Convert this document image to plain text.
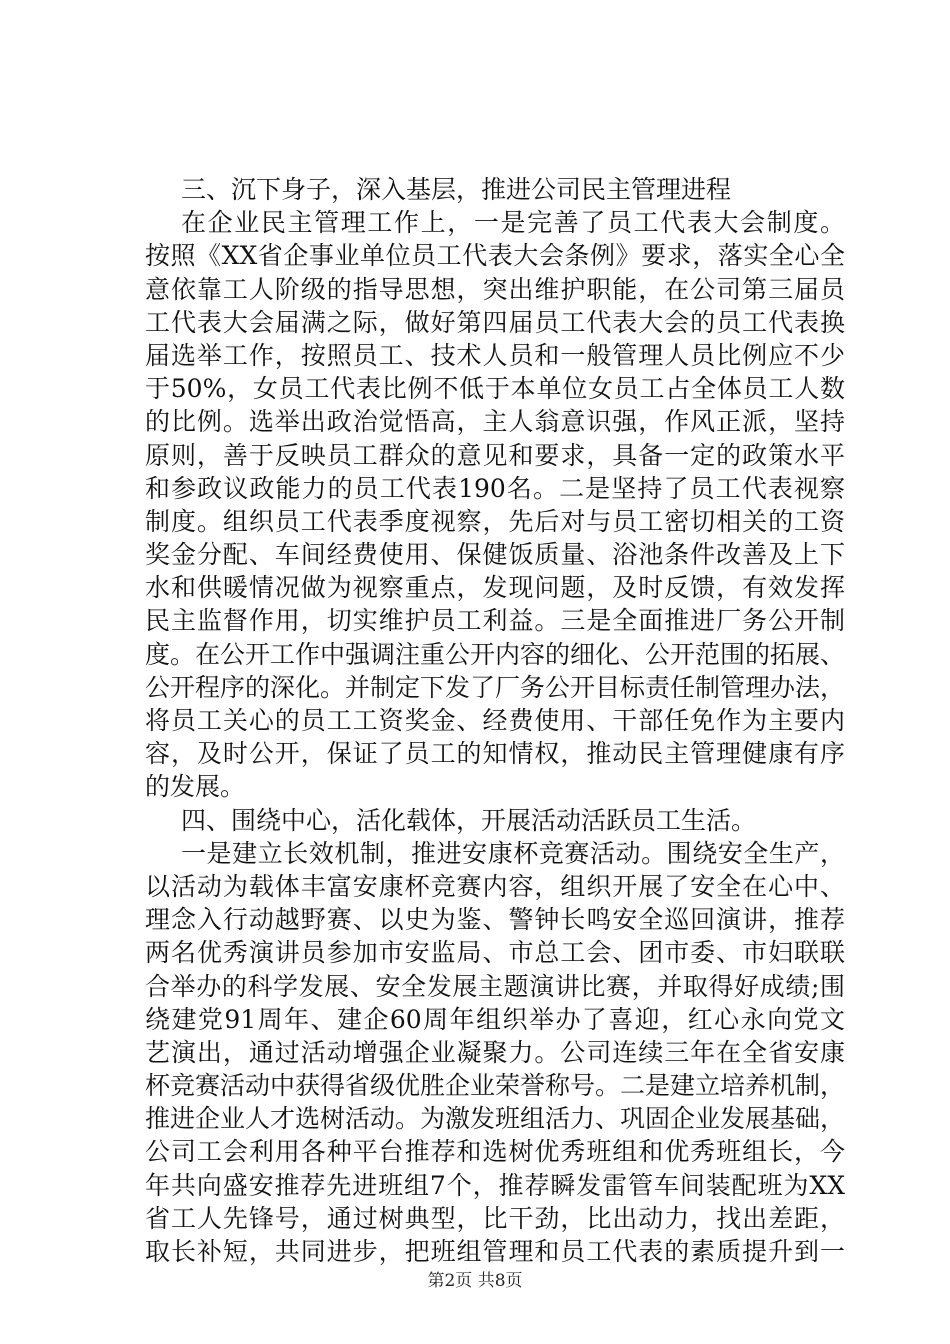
三、沉下身子，深入基层，推进公司民主管理进程
在企业民主管理工作上，一是完善了员工代表大会制度。
按照《XX省企事业单位员工代表大会条例》要求，落实全心全
意依靠工人阶级的指导思想，突出维护职能，在公司第三届员
工代表大会届满之际，做好第四届员工代表大会的员工代表换
届选举工作，按照员工、技术人员和一般管理人员比例应不少
于50%，女员工代表比例不低于本单位女员工占全体员工人数
的比例。选举出政治觉悟高，主人翁意识强，作风正派，坚持
原则，善于反映员工群众的意见和要求，具备一定的政策水平
和参政议政能力的员工代表190名。二是坚持了员工代表视察
制度。组织员工代表季度视察，先后对与员工密切相关的工资
奖金分配、车间经费使用、保健饭质量、浴池条件改善及上下
水和供暖情况做为视察重点，发现问题，及时反馈，有效发挥
民主监督作用，切实维护员工利益。三是全面推进厂务公开制
度。在公开工作中强调注重公开内容的细化、公开范围的拓展、
公开程序的深化。并制定下发了厂务公开目标责任制管理办法，
将员工关心的员工工资奖金、经费使用、干部任免作为主要内
容，及时公开，保证了员工的知情权，推动民主管理健康有序
的发展。
四、围绕中心，活化载体，开展活动活跃员工生活。
一是建立长效机制，推进安康杯竞赛活动。围绕安全生产，
以活动为载体丰富安康杯竞赛内容，组织开展了安全在心中、
理念入行动越野赛、以史为鉴、警钟长鸣安全巡回演讲，推荐
两名优秀演讲员参加市安监局、市总工会、团市委、市妇联联
合举办的科学发展、安全发展主题演讲比赛，并取得好成绩;围
绕建党91周年、建企60周年组织举办了喜迎，红心永向党文
艺演出，通过活动增强企业凝聚力。公司连续三年在全省安康
杯竞赛活动中获得省级优胜企业荣誉称号。二是建立培养机制，
推进企业人才选树活动。为激发班组活力、巩固企业发展基础，
公司工会利用各种平台推荐和选树优秀班组和优秀班组长，今
年共向盛安推荐先进班组7个，推荐瞬发雷管车间装配班为XX
省工人先锋号，通过树典型，比干劲，比出动力，找出差距，
取长补短，共同进步，把班组管理和员工代表的素质提升到一
第2页 共8页
